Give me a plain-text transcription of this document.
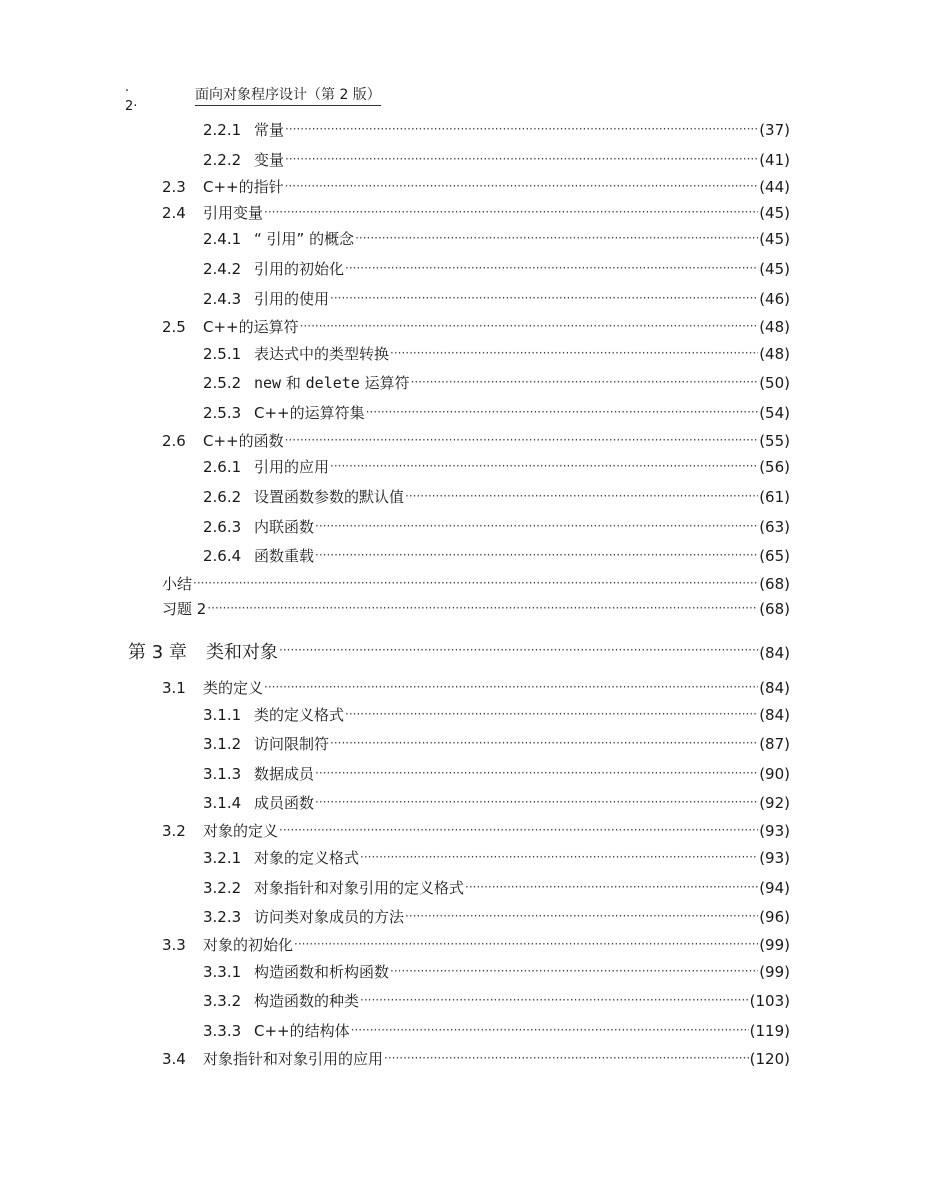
· 2·
面向对象程序设计（第 2 版）
2.2.1 常量 ·····	(37)
2.2.2 变量 ·····	(41)
2.3	C++的指针 ·····	(44)
2.4	引用变量 ·····	(45)
2.4.1 “ 引用” 的概念 ·····	(45)
2.4.2 引用的初始化 ·····	(45)
2.4.3 引用的使用 ·····	(46)
2.5	C++的运算符 ·····	(48)
2.5.1 表达式中的类型转换 ·····	(48)
2.5.2 new 和 delete 运算符 ·····	(50)
2.5.3 C++的运算符集 ·····	(54)
2.6	C++的函数 ·····	(55)
2.6.1 引用的应用 ·····	(56)
2.6.2 设置函数参数的默认值 ·····	(61)
2.6.3 内联函数 ·····	(63)
2.6.4 函数重载 ·····	(65)
小结 ·····	(68)
习题 2 ·····	(68)
第 3 章	类和对象 ·····	(84)
3.1	类的定义 ·····	(84)
3.1.1 类的定义格式 ·····	(84)
3.1.2 访问限制符 ·····	(87)
3.1.3 数据成员 ·····	(90)
3.1.4 成员函数 ·····	(92)
3.2	对象的定义 ·····	(93)
3.2.1 对象的定义格式 ·····	(93)
3.2.2 对象指针和对象引用的定义格式 ·····	(94)
3.2.3 访问类对象成员的方法 ·····	(96)
3.3	对象的初始化 ·····	(99)
3.3.1 构造函数和析构函数 ·····	(99)
3.3.2 构造函数的种类 ·····	(103)
3.3.3 C++的结构体 ·····	(119)
3.4	对象指针和对象引用的应用 ·····	(120)
